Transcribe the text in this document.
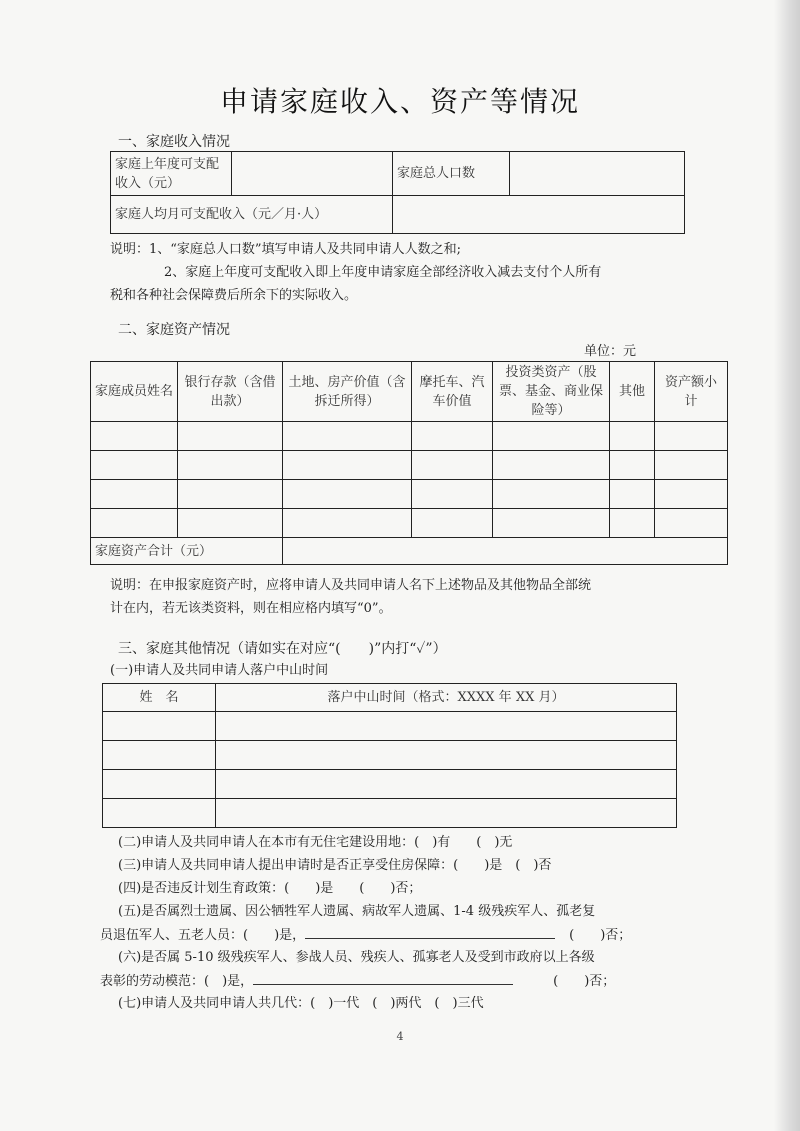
申请家庭收入、资产等情况
一、家庭收入情况
家庭上年度可支配收入（元）		家庭总人口数	
家庭人均月可支配收入（元／月·人）			
说明：1、“家庭总人口数”填写申请人及共同申请人人数之和;
2、家庭上年度可支配收入即上年度申请家庭全部经济收入减去支付个人所有
税和各种社会保障费后所余下的实际收入。
二、家庭资产情况
单位：元
家庭成员姓名	银行存款（含借出款）	土地、房产价值（含拆迁所得）	摩托车、汽车价值	投资类资产（股票、基金、商业保险等）	其他	资产额小计

家庭资产合计（元）						
说明：在申报家庭资产时，应将申请人及共同申请人名下上述物品及其他物品全部统
计在内，若无该类资料，则在相应格内填写“0”。
三、家庭其他情况（请如实在对应“(　　)”内打“✓”）
(一)申请人及共同申请人落户中山时间
姓　名	落户中山时间（格式：XXXX 年 XX 月）

(二)申请人及共同申请人在本市有无住宅建设用地：(　)有　　(　)无
(三)申请人及共同申请人提出申请时是否正享受住房保障：(　　)是　(　)否
(四)是否违反计划生育政策：(　　)是　　(　　)否；
(五)是否属烈士遗属、因公牺牲军人遗属、病故军人遗属、1-4 级残疾军人、孤老复
员退伍军人、五老人员：(　　)是，	(　　)否；
(六)是否属 5-10 级残疾军人、参战人员、残疾人、孤寡老人及受到市政府以上各级
表彰的劳动模范：(　)是，	(　　)否；
(七)申请人及共同申请人共几代：(　)一代　(　)两代　(　)三代
4
